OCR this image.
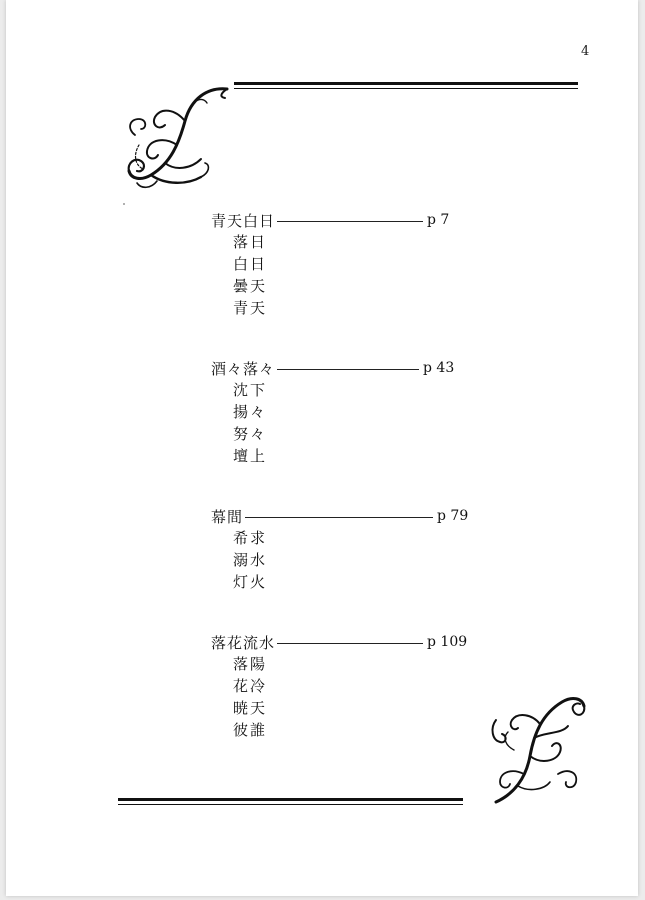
4
青天白日	p 7
落日
白日
曇天
青天
酒々落々	p 43
沈下
揚々
努々
壇上
幕間	p 79
希求
溺水
灯火
落花流水	p 109
落陽
花冷
暁天
彼誰
